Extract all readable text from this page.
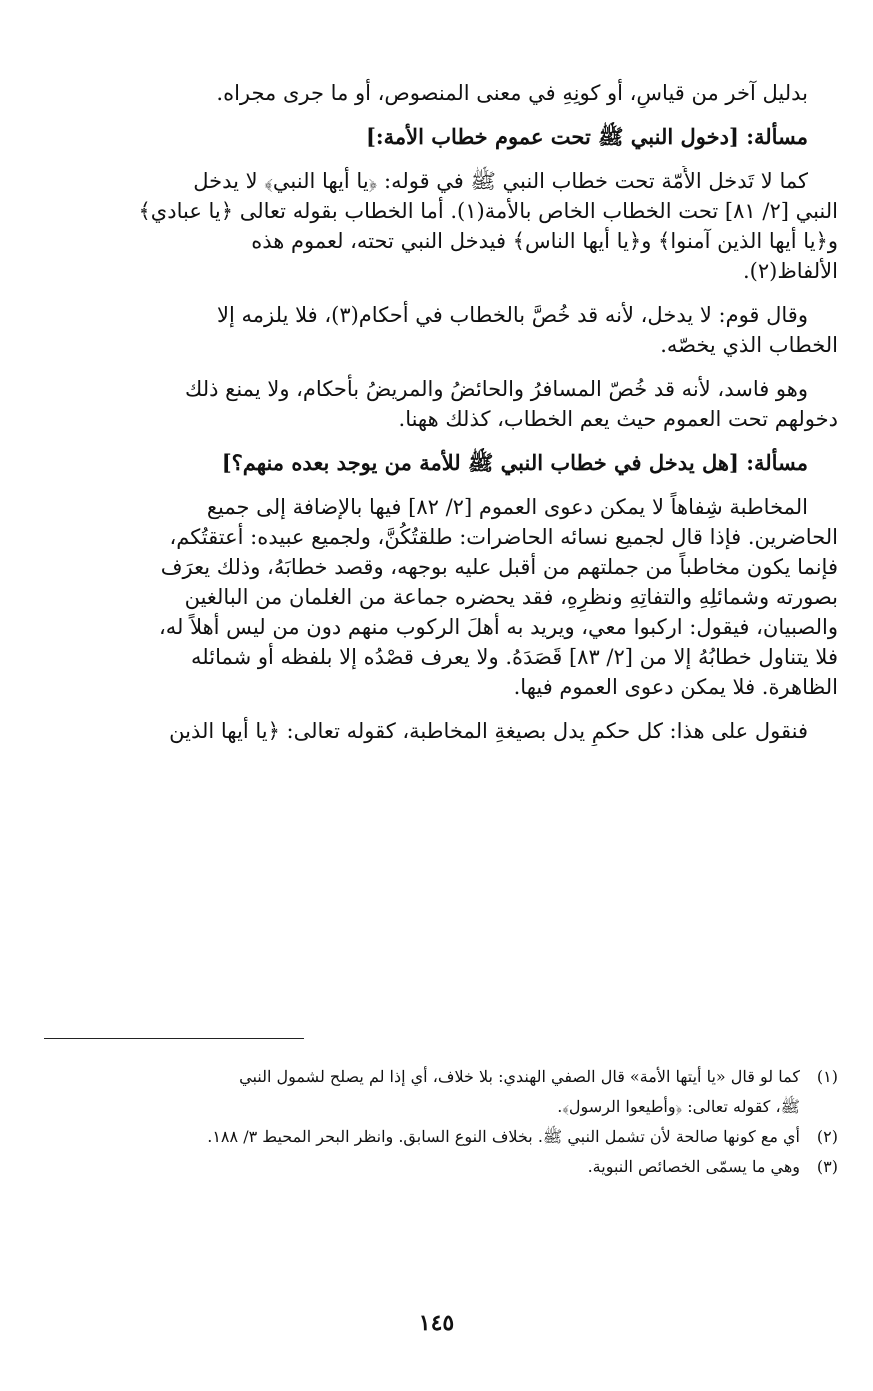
بدليل آخر من قياسٍ، أو كونِهِ في معنى المنصوص، أو ما جرى مجراه.
مسألة: [دخول النبي ﷺ تحت عموم خطاب الأمة:]
كما لا تَدخل الأُمّة تحت خطاب النبي ﷺ في قوله: ﴿يا أيها النبي﴾ لا يدخل
النبي [٢/ ٨١] تحت الخطاب الخاص بالأمة(١). أما الخطاب بقوله تعالى ﴿يا عبادي﴾
و﴿يا أيها الذين آمنوا﴾ و﴿يا أيها الناس﴾ فيدخل النبي تحته، لعموم هذه
الألفاظ(٢).
وقال قوم: لا يدخل، لأنه قد خُصَّ بالخطاب في أحكام(٣)، فلا يلزمه إلا
الخطاب الذي يخصّه.
وهو فاسد، لأنه قد خُصّ المسافرُ والحائضُ والمريضُ بأحكام، ولا يمنع ذلك
دخولهم تحت العموم حيث يعم الخطاب، كذلك ههنا.
مسألة: [هل يدخل في خطاب النبي ﷺ للأمة من يوجد بعده منهم؟]
المخاطبة شِفاهاً لا يمكن دعوى العموم [٢/ ٨٢] فيها بالإضافة إلى جميع
الحاضرين. فإذا قال لجميع نسائه الحاضرات: طلقتُكُنَّ، ولجميع عبيده: أعتقتُكم،
فإنما يكون مخاطباً من جملتهم من أقبل عليه بوجهه، وقصد خطابَهُ، وذلك يعرَف
بصورته وشمائلِهِ والتفاتِهِ ونظرِهِ، فقد يحضره جماعة من الغلمان من البالغين
والصبيان، فيقول: اركبوا معي، ويريد به أهلَ الركوب منهم دون من ليس أهلاً له،
فلا يتناول خطابُهُ إلا من [٢/ ٨٣] قَصَدَهُ. ولا يعرف قصْدُه إلا بلفظه أو شمائله
الظاهرة. فلا يمكن دعوى العموم فيها.
فنقول على هذا: كل حكمٍ يدل بصيغةِ المخاطبة، كقوله تعالى: ﴿يا أيها الذين
(١)كما لو قال «يا أيتها الأمة» قال الصفي الهندي: بلا خلاف، أي إذا لم يصلح لشمول النبي
ﷺ، كقوله تعالى: ﴿وأطيعوا الرسول﴾.
(٢)أي مع كونها صالحة لأن تشمل النبي ﷺ. بخلاف النوع السابق. وانظر البحر المحيط ٣/ ١٨٨.
(٣)وهي ما يسمّى الخصائص النبوية.
١٤٥
